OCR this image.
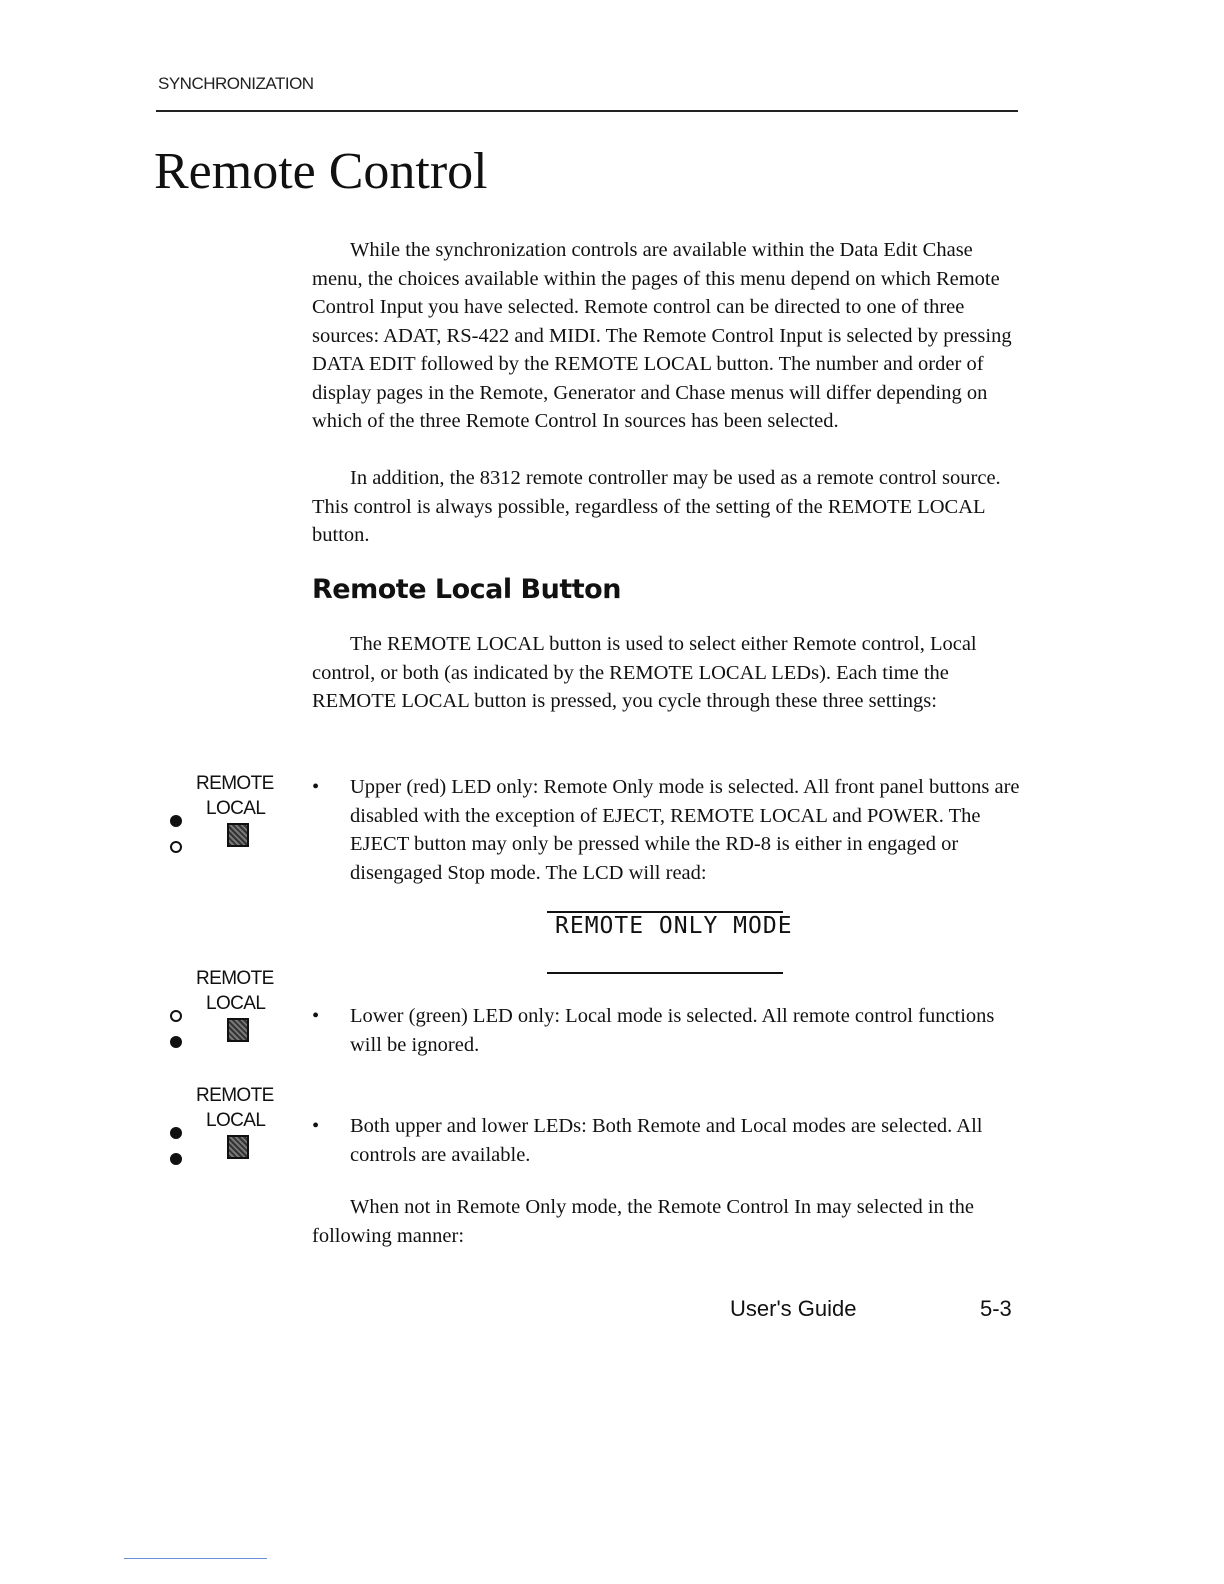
SYNCHRONIZATION
Remote Control

While the synchronization controls are available within the Data Edit Chase menu, the choices available within the pages of this menu depend on which Remote Control Input you have selected. Remote control can be directed to one of three sources: ADAT, RS-422 and MIDI. The Remote Control Input is selected by pressing DATA EDIT followed by the REMOTE LOCAL button. The number and order of display pages in the Remote, Generator and Chase menus will differ depending on which of the three Remote Control In sources has been selected.

In addition, the 8312 remote controller may be used as a remote control source. This control is always possible, regardless of the setting of the REMOTE LOCAL button.

Remote Local Button

The REMOTE LOCAL button is used to select either Remote control, Local control, or both (as indicated by the REMOTE LOCAL LEDs). Each time the REMOTE LOCAL button is pressed, you cycle through these three settings:

REMOTE
LOCAL
•	Upper (red) LED only: Remote Only mode is selected. All front panel buttons are disabled with the exception of EJECT, REMOTE LOCAL and POWER. The EJECT button may only be pressed while the RD-8 is either in engaged or disengaged Stop mode. The LCD will read:
REMOTE ONLY MODE
REMOTE
LOCAL
•	Lower (green) LED only: Local mode is selected. All remote control functions will be ignored.
REMOTE
LOCAL •	Both upper and lower LEDs: Both Remote and Local modes are selected. All controls are available.

When not in Remote Only mode, the Remote Control In may selected in the following manner:

User's Guide	5-3
